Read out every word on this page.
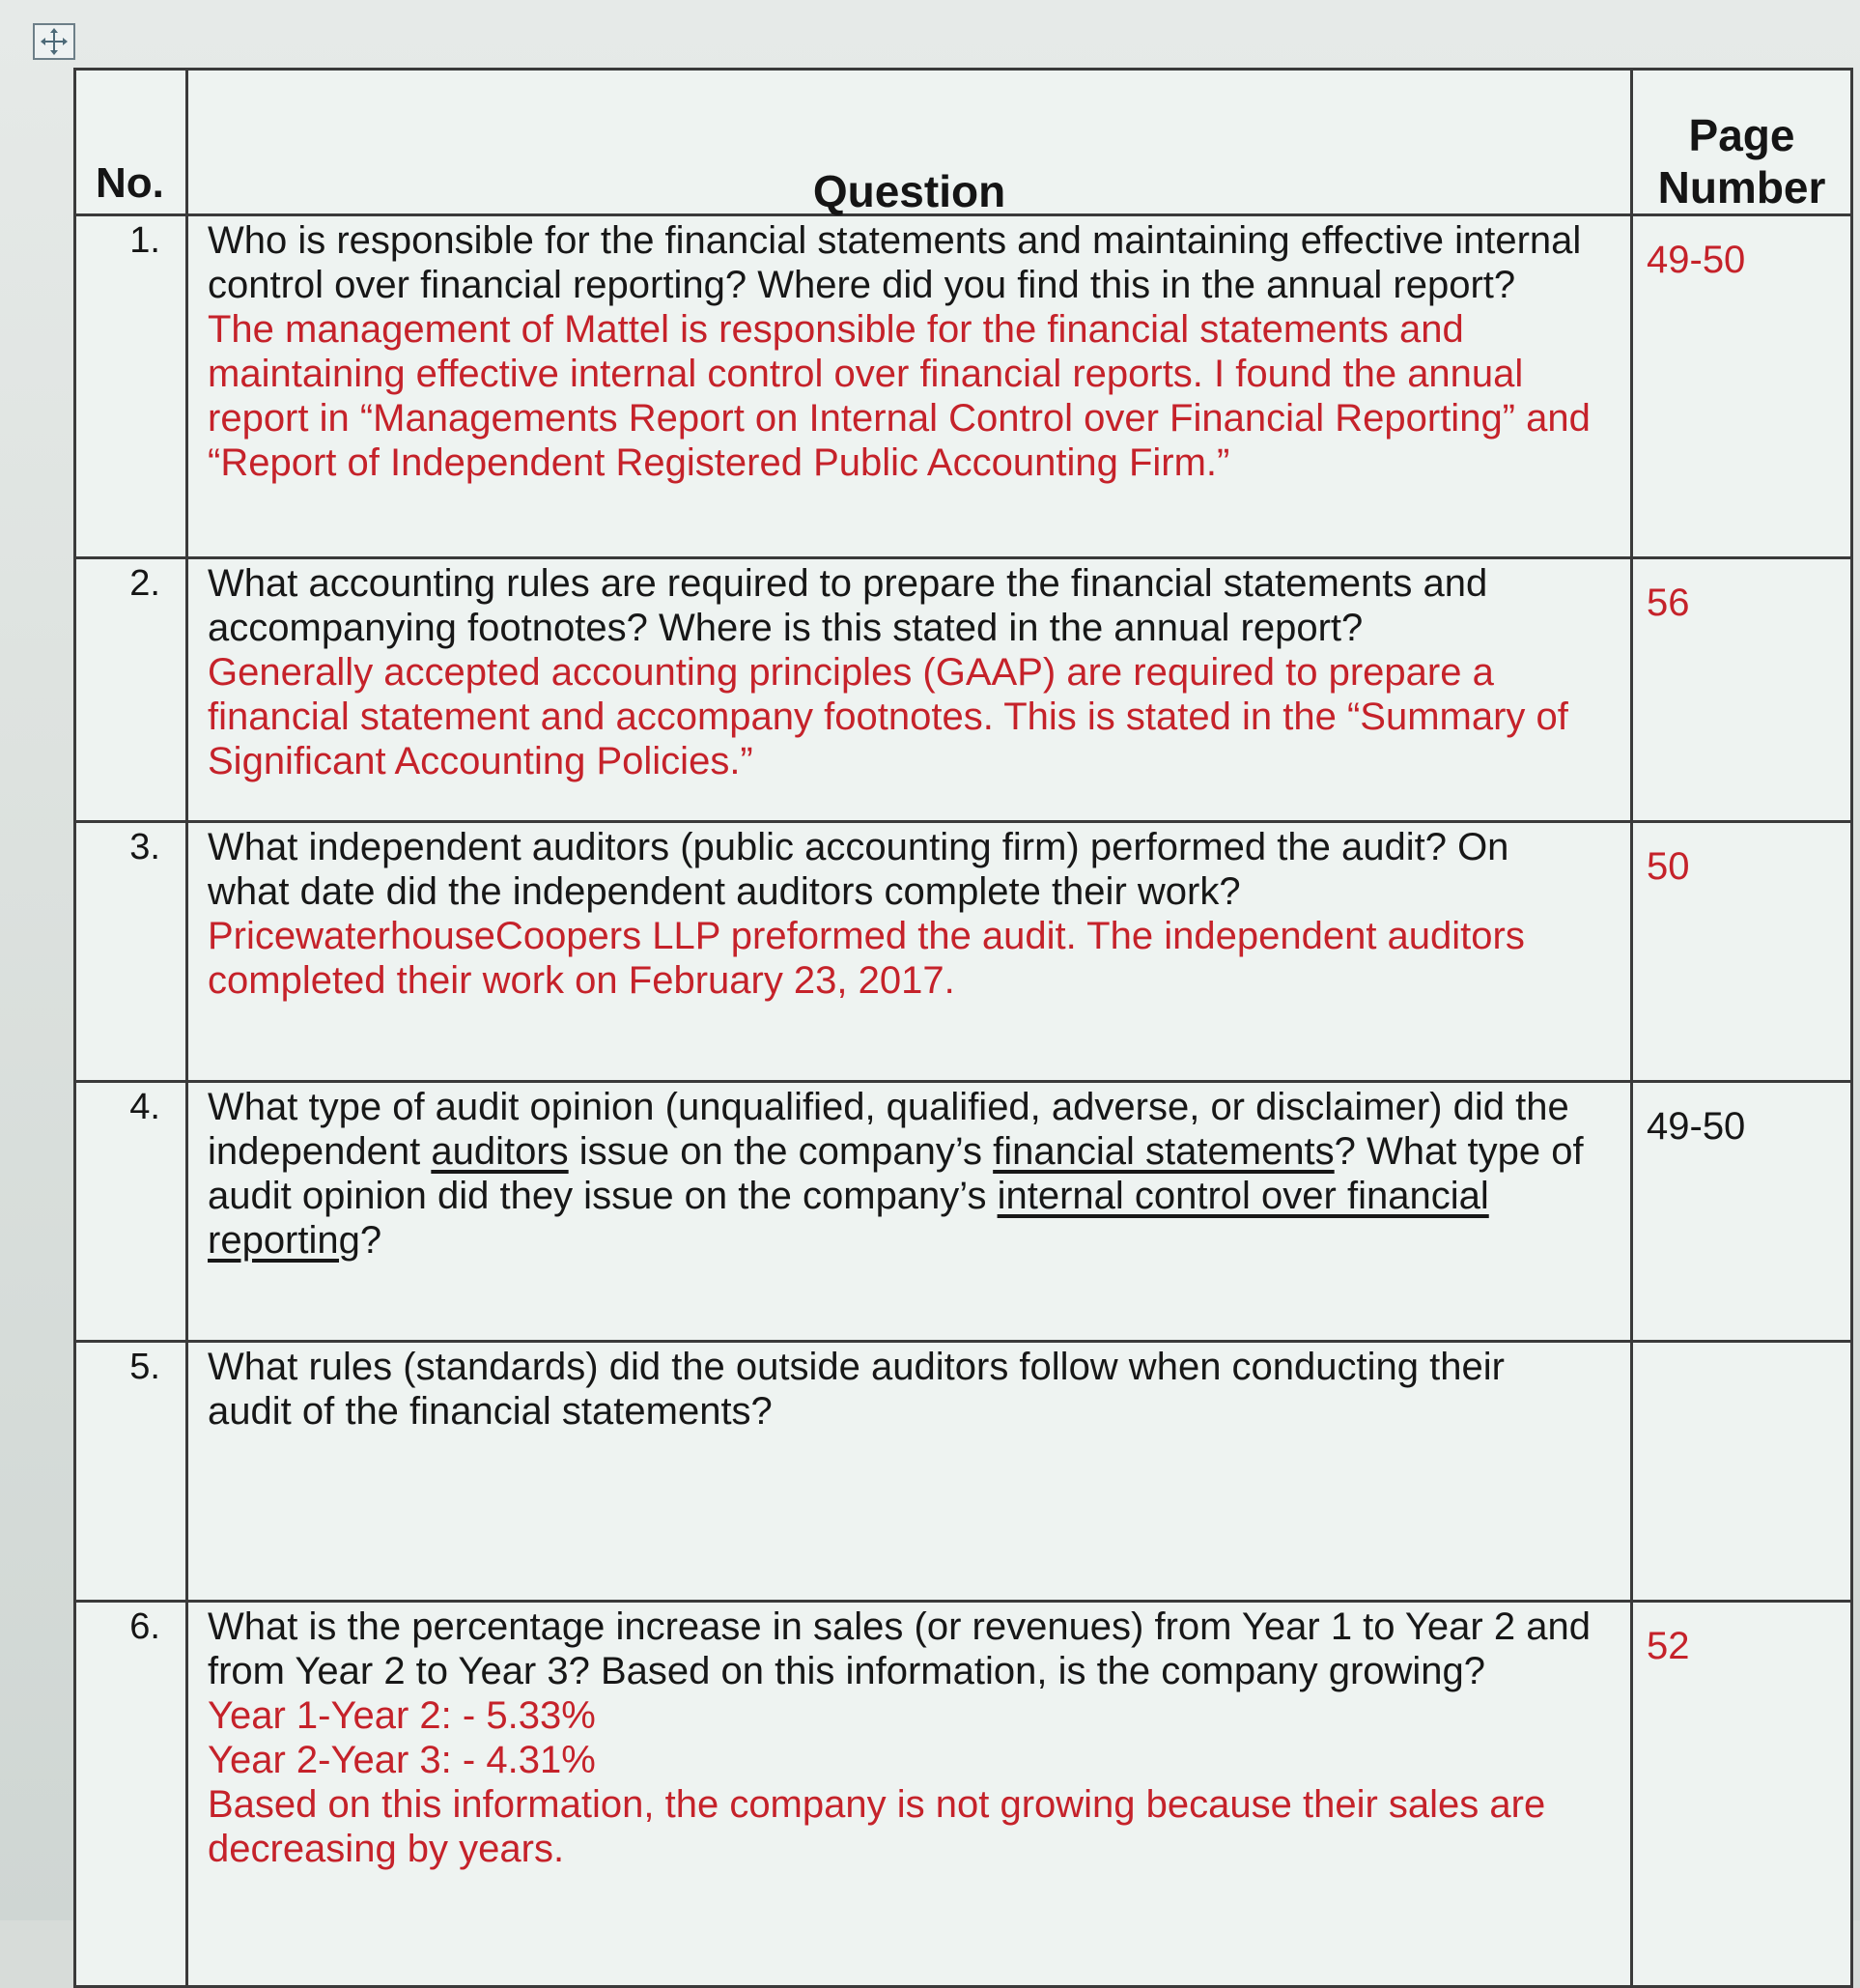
No.	Question	Page
Number
1.	Who is responsible for the financial statements and maintaining effective internal control over financial reporting? Where did you find this in the annual report?
The management of Mattel is responsible for the financial statements and maintaining effective internal control over financial reports. I found the annual report in “Managements Report on Internal Control over Financial Reporting” and “Report of Independent Registered Public Accounting Firm.”	49-50
2.	What accounting rules are required to prepare the financial statements and accompanying footnotes? Where is this stated in the annual report?
Generally accepted accounting principles (GAAP) are required to prepare a financial statement and accompany footnotes. This is stated in the “Summary of Significant Accounting Policies.”	56
3.	What independent auditors (public accounting firm) performed the audit? On what date did the independent auditors complete their work?
PricewaterhouseCoopers LLP preformed the audit. The independent auditors completed their work on February 23, 2017.	50
4.	What type of audit opinion (unqualified, qualified, adverse, or disclaimer) did the independent auditors issue on the company’s financial statements? What type of audit opinion did they issue on the company’s internal control over financial reporting?	49-50
5.	What rules (standards) did the outside auditors follow when conducting their audit of the financial statements?	

6.	What is the percentage increase in sales (or revenues) from Year 1 to Year 2 and from Year 2 to Year 3? Based on this information, is the company growing?
Year 1-Year 2: - 5.33%
Year 2-Year 3: - 4.31%
Based on this information, the company is not growing because their sales are decreasing by years.	52
